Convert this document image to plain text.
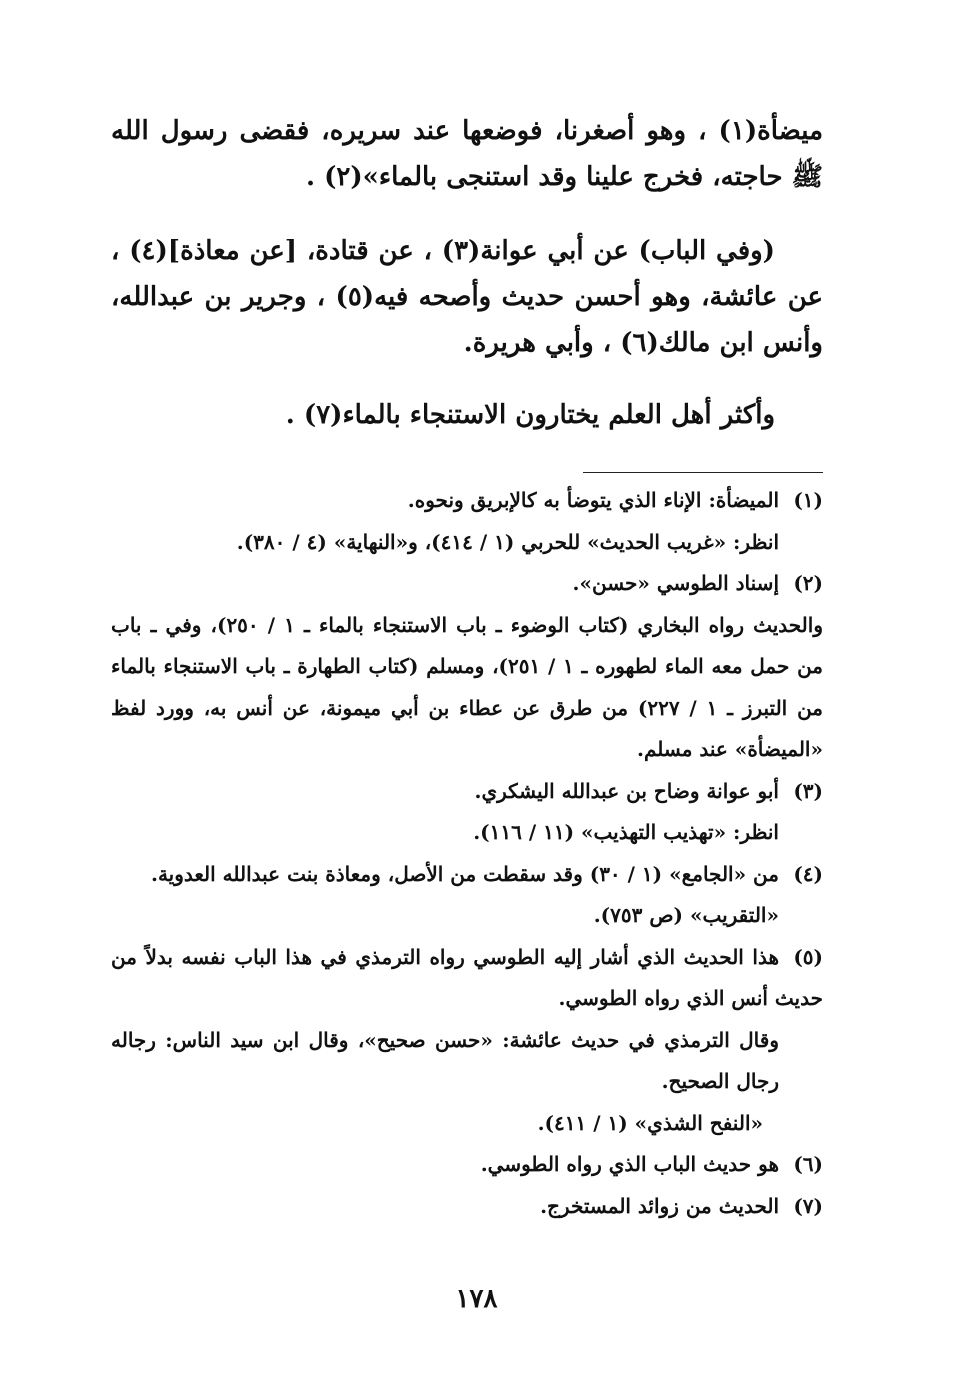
ميضأة(١) ، وهو أصغرنا، فوضعها عند سريره، فقضى رسول الله ﷺ حاجته، فخرج علينا وقد استنجى بالماء»(٢) .

(وفي الباب) عن أبي عوانة(٣) ، عن قتادة، [عن معاذة](٤) ، عن عائشة، وهو أحسن حديث وأصحه فيه(٥) ، وجرير بن عبدالله، وأنس ابن مالك(٦) ، وأبي هريرة.

وأكثر أهل العلم يختارون الاستنجاء بالماء(٧) .

(١)الميضأة: الإناء الذي يتوضأ به كالإبريق ونحوه.

انظر: «غريب الحديث» للحربي (١ / ٤١٤)، و«النهاية» (٤ / ٣٨٠).

(٢)إسناد الطوسي «حسن».

والحديث رواه البخاري (كتاب الوضوء ـ باب الاستنجاء بالماء ـ ١ / ٢٥٠)، وفي ـ باب من حمل معه الماء لطهوره ـ ١ / ٢٥١)، ومسلم (كتاب الطهارة ـ باب الاستنجاء بالماء من التبرز ـ ١ / ٢٢٧) من طرق عن عطاء بن أبي ميمونة، عن أنس به، وورد لفظ «الميضأة» عند مسلم.

(٣)أبو عوانة وضاح بن عبدالله اليشكري.

انظر: «تهذيب التهذيب» (١١ / ١١٦).

(٤)من «الجامع» (١ / ٣٠) وقد سقطت من الأصل، ومعاذة بنت عبدالله العدوية.

«التقريب» (ص ٧٥٣).

(٥)هذا الحديث الذي أشار إليه الطوسي رواه الترمذي في هذا الباب نفسه بدلاً من حديث أنس الذي رواه الطوسي.

وقال الترمذي في حديث عائشة: «حسن صحيح»، وقال ابن سيد الناس: رجاله رجال الصحيح.

«النفح الشذي» (١ / ٤١١).

(٦)هو حديث الباب الذي رواه الطوسي.

(٧)الحديث من زوائد المستخرج.

١٧٨
